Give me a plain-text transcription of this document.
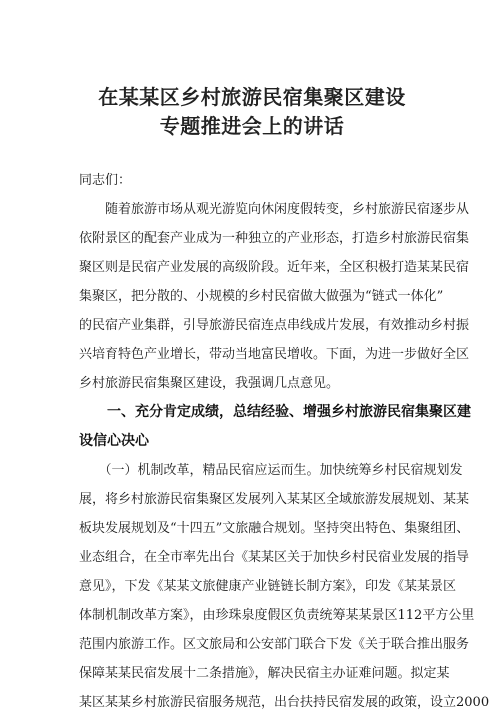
在某某区乡村旅游民宿集聚区建设
专题推进会上的讲话
同志们：

　　随着旅游市场从观光游览向休闲度假转变，乡村旅游民宿逐步从
依附景区的配套产业成为一种独立的产业形态，打造乡村旅游民宿集
聚区则是民宿产业发展的高级阶段。近年来，全区积极打造某某民宿
集聚区，把分散的、小规模的乡村民宿做大做强为“链式一体化”
的民宿产业集群，引导旅游民宿连点串线成片发展，有效推动乡村振
兴培育特色产业增长，带动当地富民增收。下面，为进一步做好全区
乡村旅游民宿集聚区建设，我强调几点意见。

　　一、充分肯定成绩，总结经验、增强乡村旅游民宿集聚区建
设信心决心

　　（一）机制改革，精品民宿应运而生。加快统筹乡村民宿规划发
展，将乡村旅游民宿集聚区发展列入某某区全域旅游发展规划、某某
板块发展规划及“十四五”文旅融合规划。坚持突出特色、集聚组团、
业态组合，在全市率先出台《某某区关于加快乡村民宿业发展的指导
意见》，下发《某某文旅健康产业链链长制方案》，印发《某某景区
体制机制改革方案》，由珍珠泉度假区负责统筹某某景区112平方公里
范围内旅游工作。区文旅局和公安部门联合下发《关于联合推出服务
保障某某民宿发展十二条措施》，解决民宿主办证难问题。拟定某
某区某某乡村旅游民宿服务规范，出台扶持民宿发展的政策，设立2000
